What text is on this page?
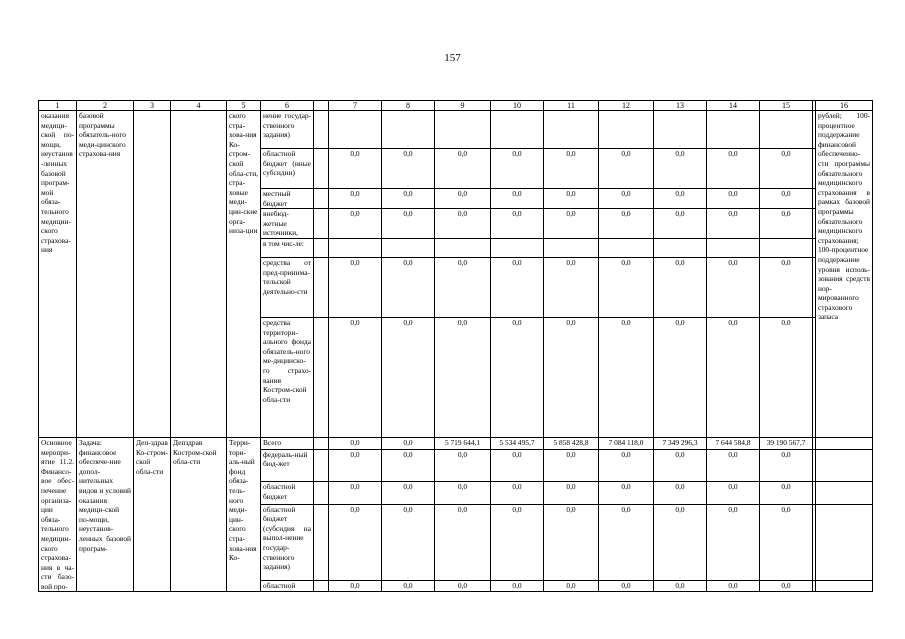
157
1	2	3	4	5	6		7	8	9	10	11	12	13	14	15		16
оказания медици-ской по-мощи, неустанов-ленных базовой програм-мой обяза-тельного медицин-ского страхова-ния	базовой программы обязатель-ного меди-цинского страхова-ния			ского стра-хова-ния Ко-стром-ской обла-сти, стра-ховые меди-цин-ские орга-низа-ции	нение государ-ственного задания)												рублей; 100-процентное поддержание финансовой обеспеченно-сти программы обязательного медицинского страхования в рамках базовой программы обязательного медицинского страхования; 100-процентное поддержание уровня исполь-зования средств нор-мированного страхового запаса
					областной бюджет (иные субсидии)		0,0	0,0	0,0	0,0	0,0	0,0	0,0	0,0	0,0		
					местный бюджет		0,0	0,0	0,0	0,0	0,0	0,0	0,0	0,0	0,0		
					внебюд-жетные источники,		0,0	0,0	0,0	0,0	0,0	0,0	0,0	0,0	0,0		
					в том чис-ле:												
					средства от пред-принима-тельской деятельно-сти		0,0	0,0	0,0	0,0	0,0	0,0	0,0	0,0	0,0		
					средства территори-ального фонда обязатель-ного ме-дицинско-го страхо-вания Костром-ской обла-сти		0,0	0,0	0,0	0,0	0,0	0,0	0,0	0,0	0,0		
Основное меропри-ятие 11.2. Финансо-вое обес-печение организа-ции обяза-тельного медицин-ского страхова-ния в ча-сти базо-вой про-	Задача: финансовое обеспече-ние допол-нительных видов и условий оказания медици-ской по-мощи, неустанов-ленных базовой програм-	Деп-здрав Ко-стром-ской обла-сти	Депздрав Костром-ской обла-сти	Терри-тори-аль-ный фонд обяза-тель-ного меди-цин-ского стра-хова-ния Ко-	Всего		0,0	0,0	5 719 644,1	5 534 495,7	5 858 428,8	7 084 118,0	7 349 296,3	7 644 584,8	39 190 567,7		
					федераль-ный бюд-жет		0,0	0,0	0,0	0,0	0,0	0,0	0,0	0,0	0,0		
					областной бюджет		0,0	0,0	0,0	0,0	0,0	0,0	0,0	0,0	0,0		
					областной бюджет (субсидия на выпол-нение государ-ственного задания)		0,0	0,0	0,0	0,0	0,0	0,0	0,0	0,0	0,0		
					областной		0,0	0,0	0,0	0,0	0,0	0,0	0,0	0,0	0,0		
